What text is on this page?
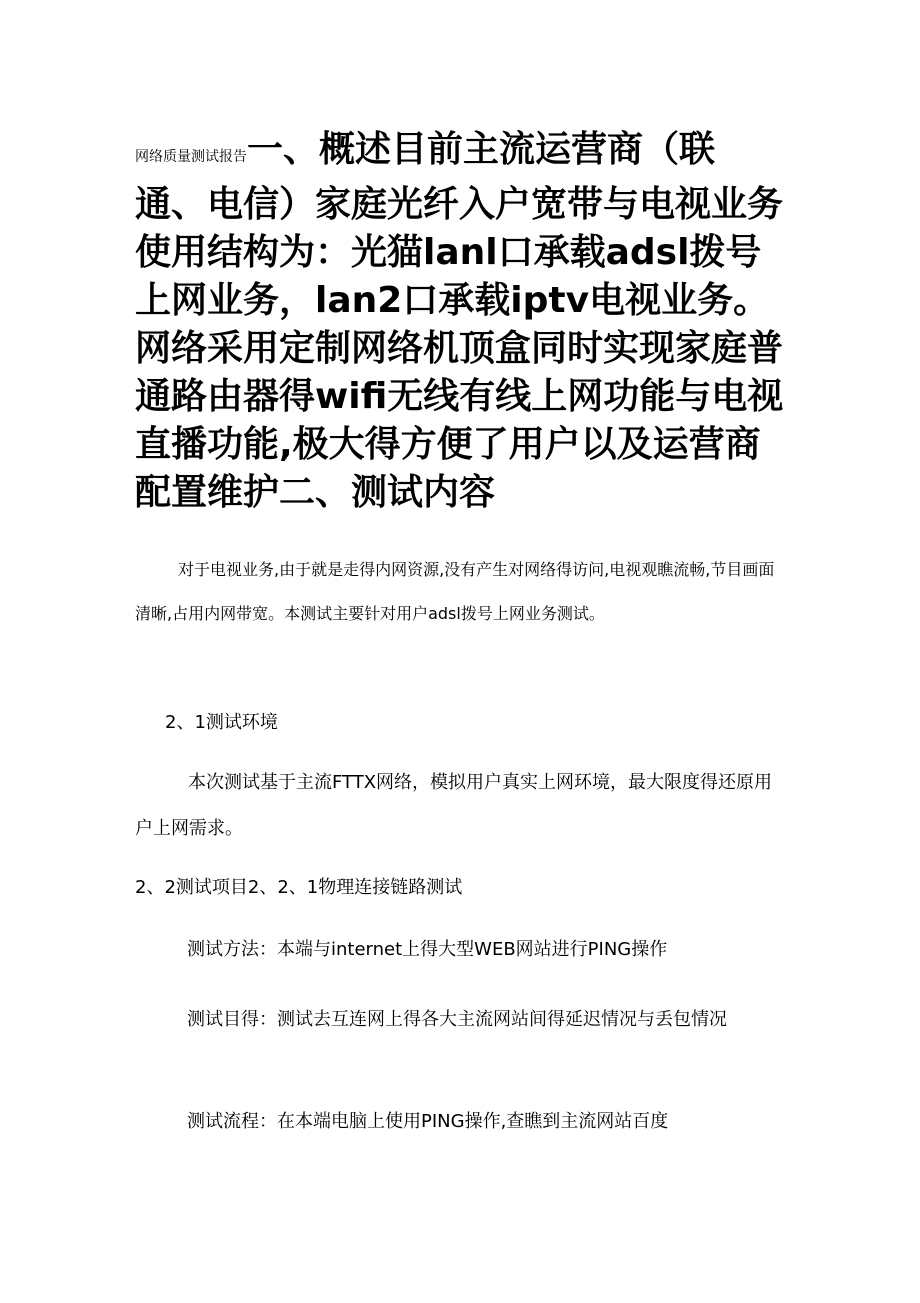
网络质量测试报告一、概述目前主流运营商（联通、电信）家庭光纤入户宽带与电视业务使用结构为：光猫lanl口承载adsl拨号上网业务，lan2口承载iptv电视业务。网络采用定制网络机顶盒同时实现家庭普通路由器得wifi无线有线上网功能与电视直播功能,极大得方便了用户以及运营商配置维护二、测试内容

对于电视业务,由于就是走得内网资源,没有产生对网络得访问,电视观瞧流畅,节目画面清晰,占用内网带宽。本测试主要针对用户adsl拨号上网业务测试。

2、1测试环境

本次测试基于主流FTTX网络，模拟用户真实上网环境，最大限度得还原用户上网需求。

2、2测试项目2、2、1物理连接链路测试

测试方法：本端与internet上得大型WEB网站进行PING操作

测试目得：测试去互连网上得各大主流网站间得延迟情况与丢包情况

测试流程：在本端电脑上使用PING操作,查瞧到主流网站百度
